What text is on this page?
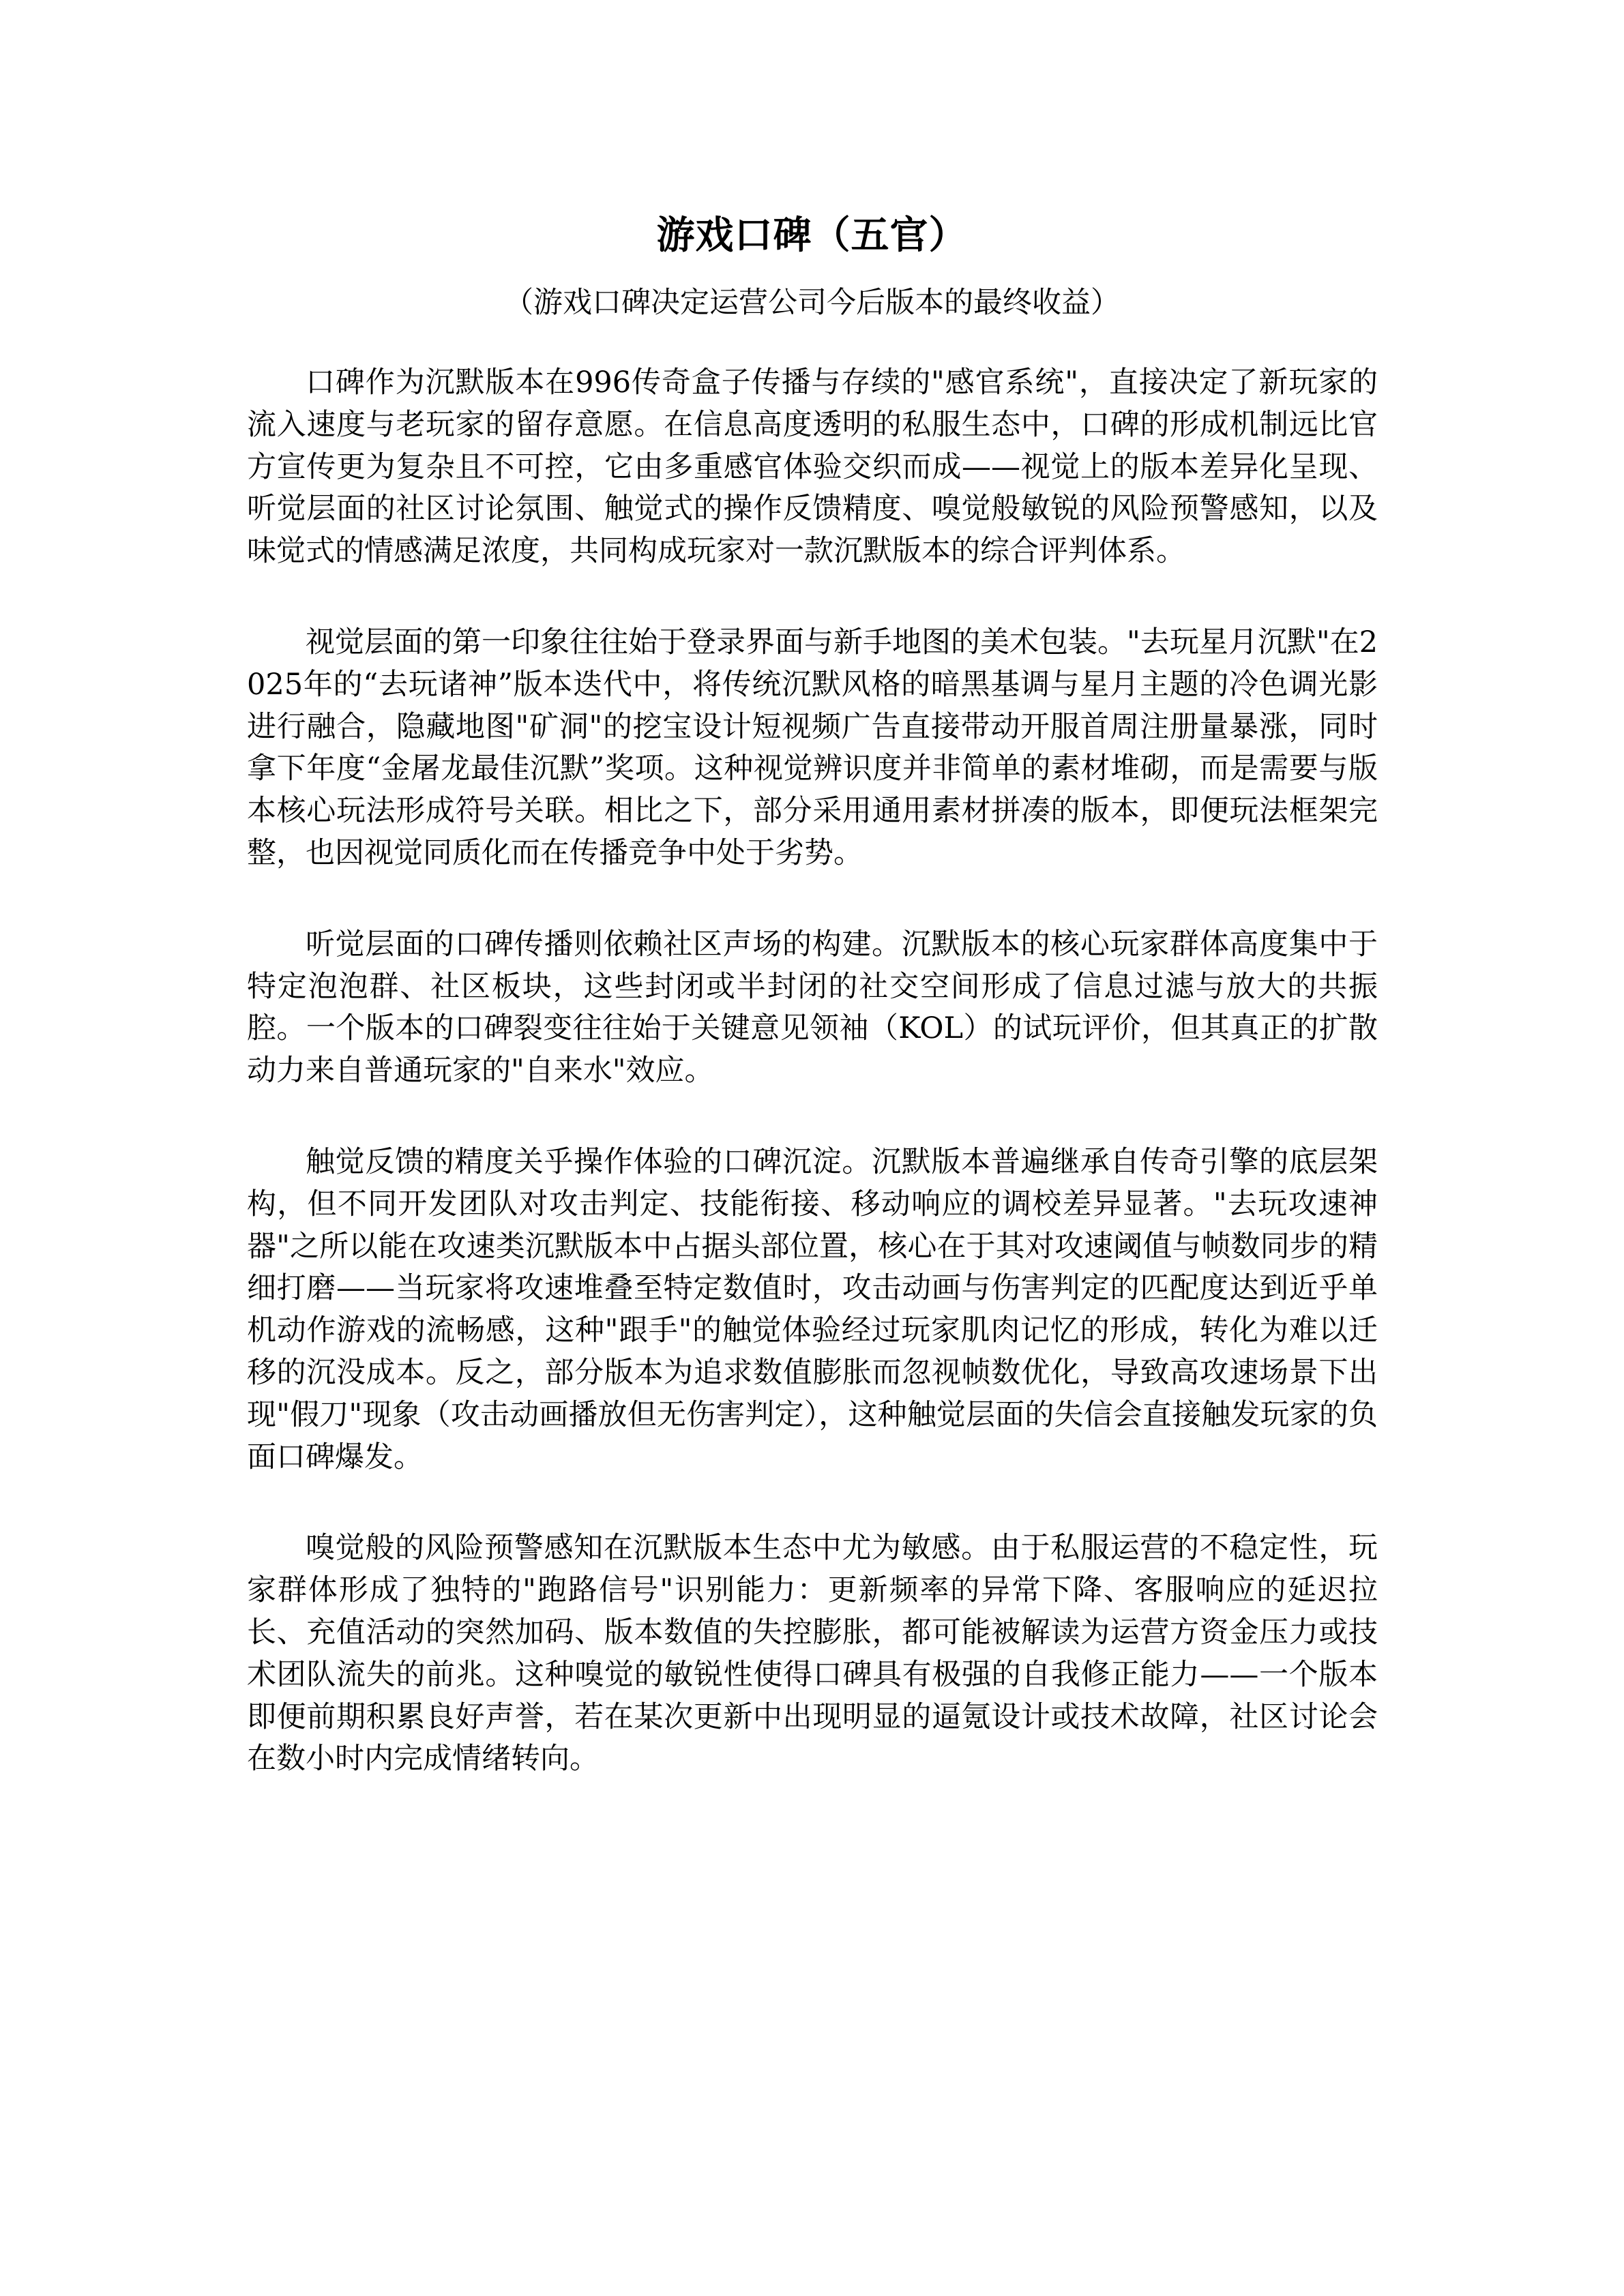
游戏口碑（五官）
（游戏口碑决定运营公司今后版本的最终收益）

口碑作为沉默版本在996传奇盒子传播与存续的"感官系统"，直接决定了新玩家的流入速度与老玩家的留存意愿。在信息高度透明的私服生态中，口碑的形成机制远比官方宣传更为复杂且不可控，它由多重感官体验交织而成——视觉上的版本差异化呈现、听觉层面的社区讨论氛围、触觉式的操作反馈精度、嗅觉般敏锐的风险预警感知，以及味觉式的情感满足浓度，共同构成玩家对一款沉默版本的综合评判体系。

视觉层面的第一印象往往始于登录界面与新手地图的美术包装。"去玩星月沉默"在2025年的“去玩诸神”版本迭代中，将传统沉默风格的暗黑基调与星月主题的冷色调光影进行融合，隐藏地图"矿洞"的挖宝设计短视频广告直接带动开服首周注册量暴涨，同时拿下年度“金屠龙最佳沉默”奖项。这种视觉辨识度并非简单的素材堆砌，而是需要与版本核心玩法形成符号关联。相比之下，部分采用通用素材拼凑的版本，即便玩法框架完整，也因视觉同质化而在传播竞争中处于劣势。

听觉层面的口碑传播则依赖社区声场的构建。沉默版本的核心玩家群体高度集中于特定泡泡群、社区板块，这些封闭或半封闭的社交空间形成了信息过滤与放大的共振腔。一个版本的口碑裂变往往始于关键意见领袖（KOL）的试玩评价，但其真正的扩散动力来自普通玩家的"自来水"效应。

触觉反馈的精度关乎操作体验的口碑沉淀。沉默版本普遍继承自传奇引擎的底层架构，但不同开发团队对攻击判定、技能衔接、移动响应的调校差异显著。"去玩攻速神器"之所以能在攻速类沉默版本中占据头部位置，核心在于其对攻速阈值与帧数同步的精细打磨——当玩家将攻速堆叠至特定数值时，攻击动画与伤害判定的匹配度达到近乎单机动作游戏的流畅感，这种"跟手"的触觉体验经过玩家肌肉记忆的形成，转化为难以迁移的沉没成本。反之，部分版本为追求数值膨胀而忽视帧数优化，导致高攻速场景下出现"假刀"现象（攻击动画播放但无伤害判定），这种触觉层面的失信会直接触发玩家的负面口碑爆发。

嗅觉般的风险预警感知在沉默版本生态中尤为敏感。由于私服运营的不稳定性，玩家群体形成了独特的"跑路信号"识别能力：更新频率的异常下降、客服响应的延迟拉长、充值活动的突然加码、版本数值的失控膨胀，都可能被解读为运营方资金压力或技术团队流失的前兆。这种嗅觉的敏锐性使得口碑具有极强的自我修正能力——一个版本即便前期积累良好声誉，若在某次更新中出现明显的逼氪设计或技术故障，社区讨论会在数小时内完成情绪转向。
